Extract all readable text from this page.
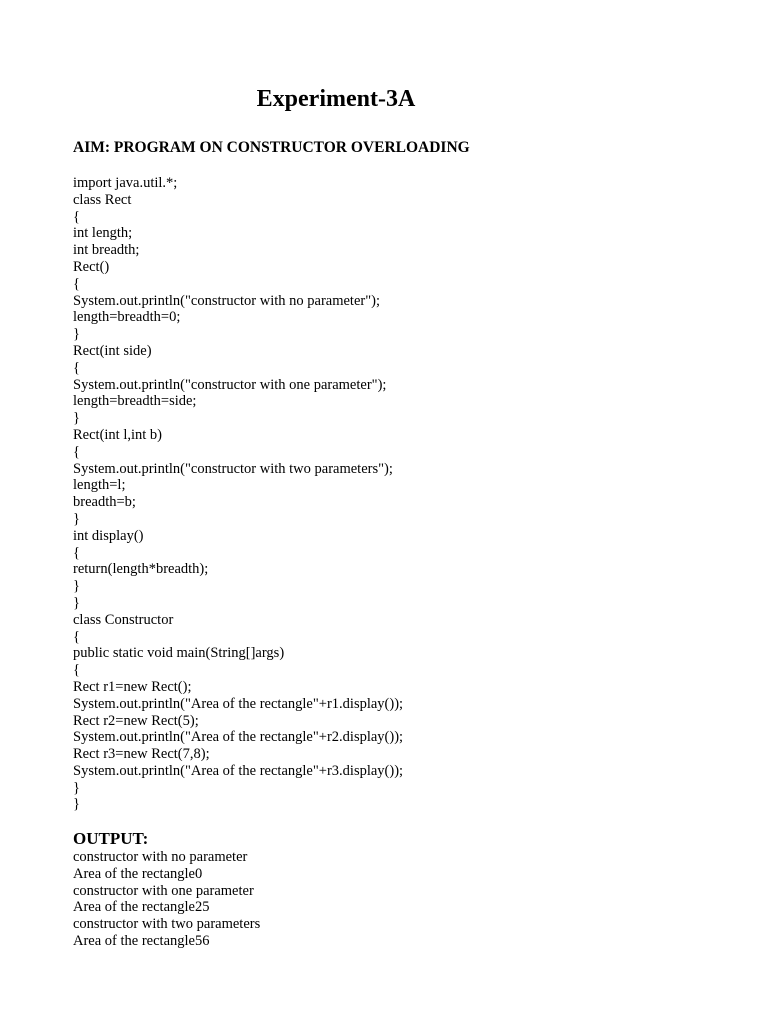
Experiment-3A

AIM: PROGRAM ON CONSTRUCTOR OVERLOADING

import java.util.*;
class Rect
{
int length;
int breadth;
Rect()
{
System.out.println("constructor with no parameter");
length=breadth=0;
}
Rect(int side)
{
System.out.println("constructor with one parameter");
length=breadth=side;
}
Rect(int l,int b)
{
System.out.println("constructor with two parameters");
length=l;
breadth=b;
}
int display()
{
return(length*breadth);
}
}
class Constructor
{
public static void main(String[]args)
{
Rect r1=new Rect();
System.out.println("Area of the rectangle"+r1.display());
Rect r2=new Rect(5);
System.out.println("Area of the rectangle"+r2.display());
Rect r3=new Rect(7,8);
System.out.println("Area of the rectangle"+r3.display());
}
}
OUTPUT:
constructor with no parameter
Area of the rectangle0
constructor with one parameter
Area of the rectangle25
constructor with two parameters
Area of the rectangle56
